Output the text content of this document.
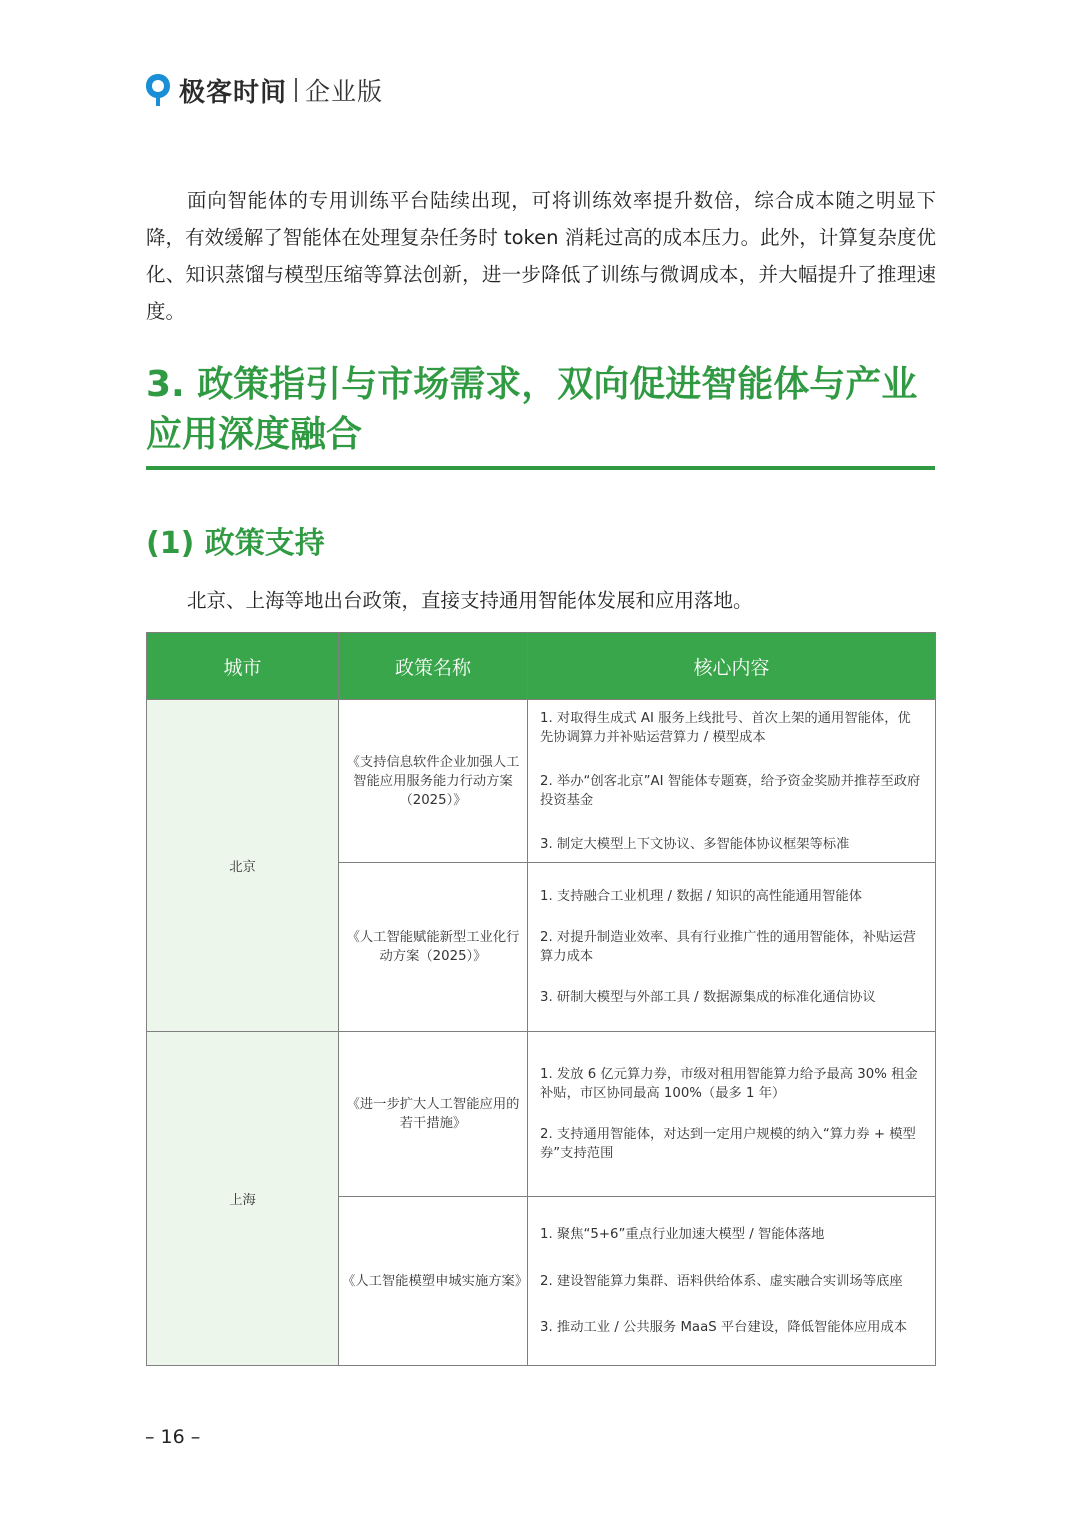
极客时间 企业版

面向智能体的专用训练平台陆续出现，可将训练效率提升数倍，综合成本随之明显下降，有效缓解了智能体在处理复杂任务时 token 消耗过高的成本压力。此外，计算复杂度优化、知识蒸馏与模型压缩等算法创新，进一步降低了训练与微调成本，并大幅提升了推理速度。

3. 政策指引与市场需求，双向促进智能体与产业应用深度融合
(1) 政策支持

北京、上海等地出台政策，直接支持通用智能体发展和应用落地。

城市	政策名称	核心内容
北京	《支持信息软件企业加强人工智能应用服务能力行动方案（2025）》	1. 对取得生成式 AI 服务上线批号、首次上架的通用智能体，优先协调算力并补贴运营算力 / 模型成本
2. 举办“创客北京”AI 智能体专题赛，给予资金奖励并推荐至政府投资基金
3. 制定大模型上下文协议、多智能体协议框架等标准

	《人工智能赋能新型工业化行动方案（2025）》	1. 支持融合工业机理 / 数据 / 知识的高性能通用智能体
2. 对提升制造业效率、具有行业推广性的通用智能体，补贴运营算力成本
3. 研制大模型与外部工具 / 数据源集成的标准化通信协议

上海	《进一步扩大人工智能应用的若干措施》	1. 发放 6 亿元算力券，市级对租用智能算力给予最高 30% 租金补贴，市区协同最高 100%（最多 1 年）
2. 支持通用智能体，对达到一定用户规模的纳入“算力券 + 模型券”支持范围

	《人工智能模塑申城实施方案》	1. 聚焦“5+6”重点行业加速大模型 / 智能体落地
2. 建设智能算力集群、语料供给体系、虚实融合实训场等底座
3. 推动工业 / 公共服务 MaaS 平台建设，降低智能体应用成本
– 16 –
